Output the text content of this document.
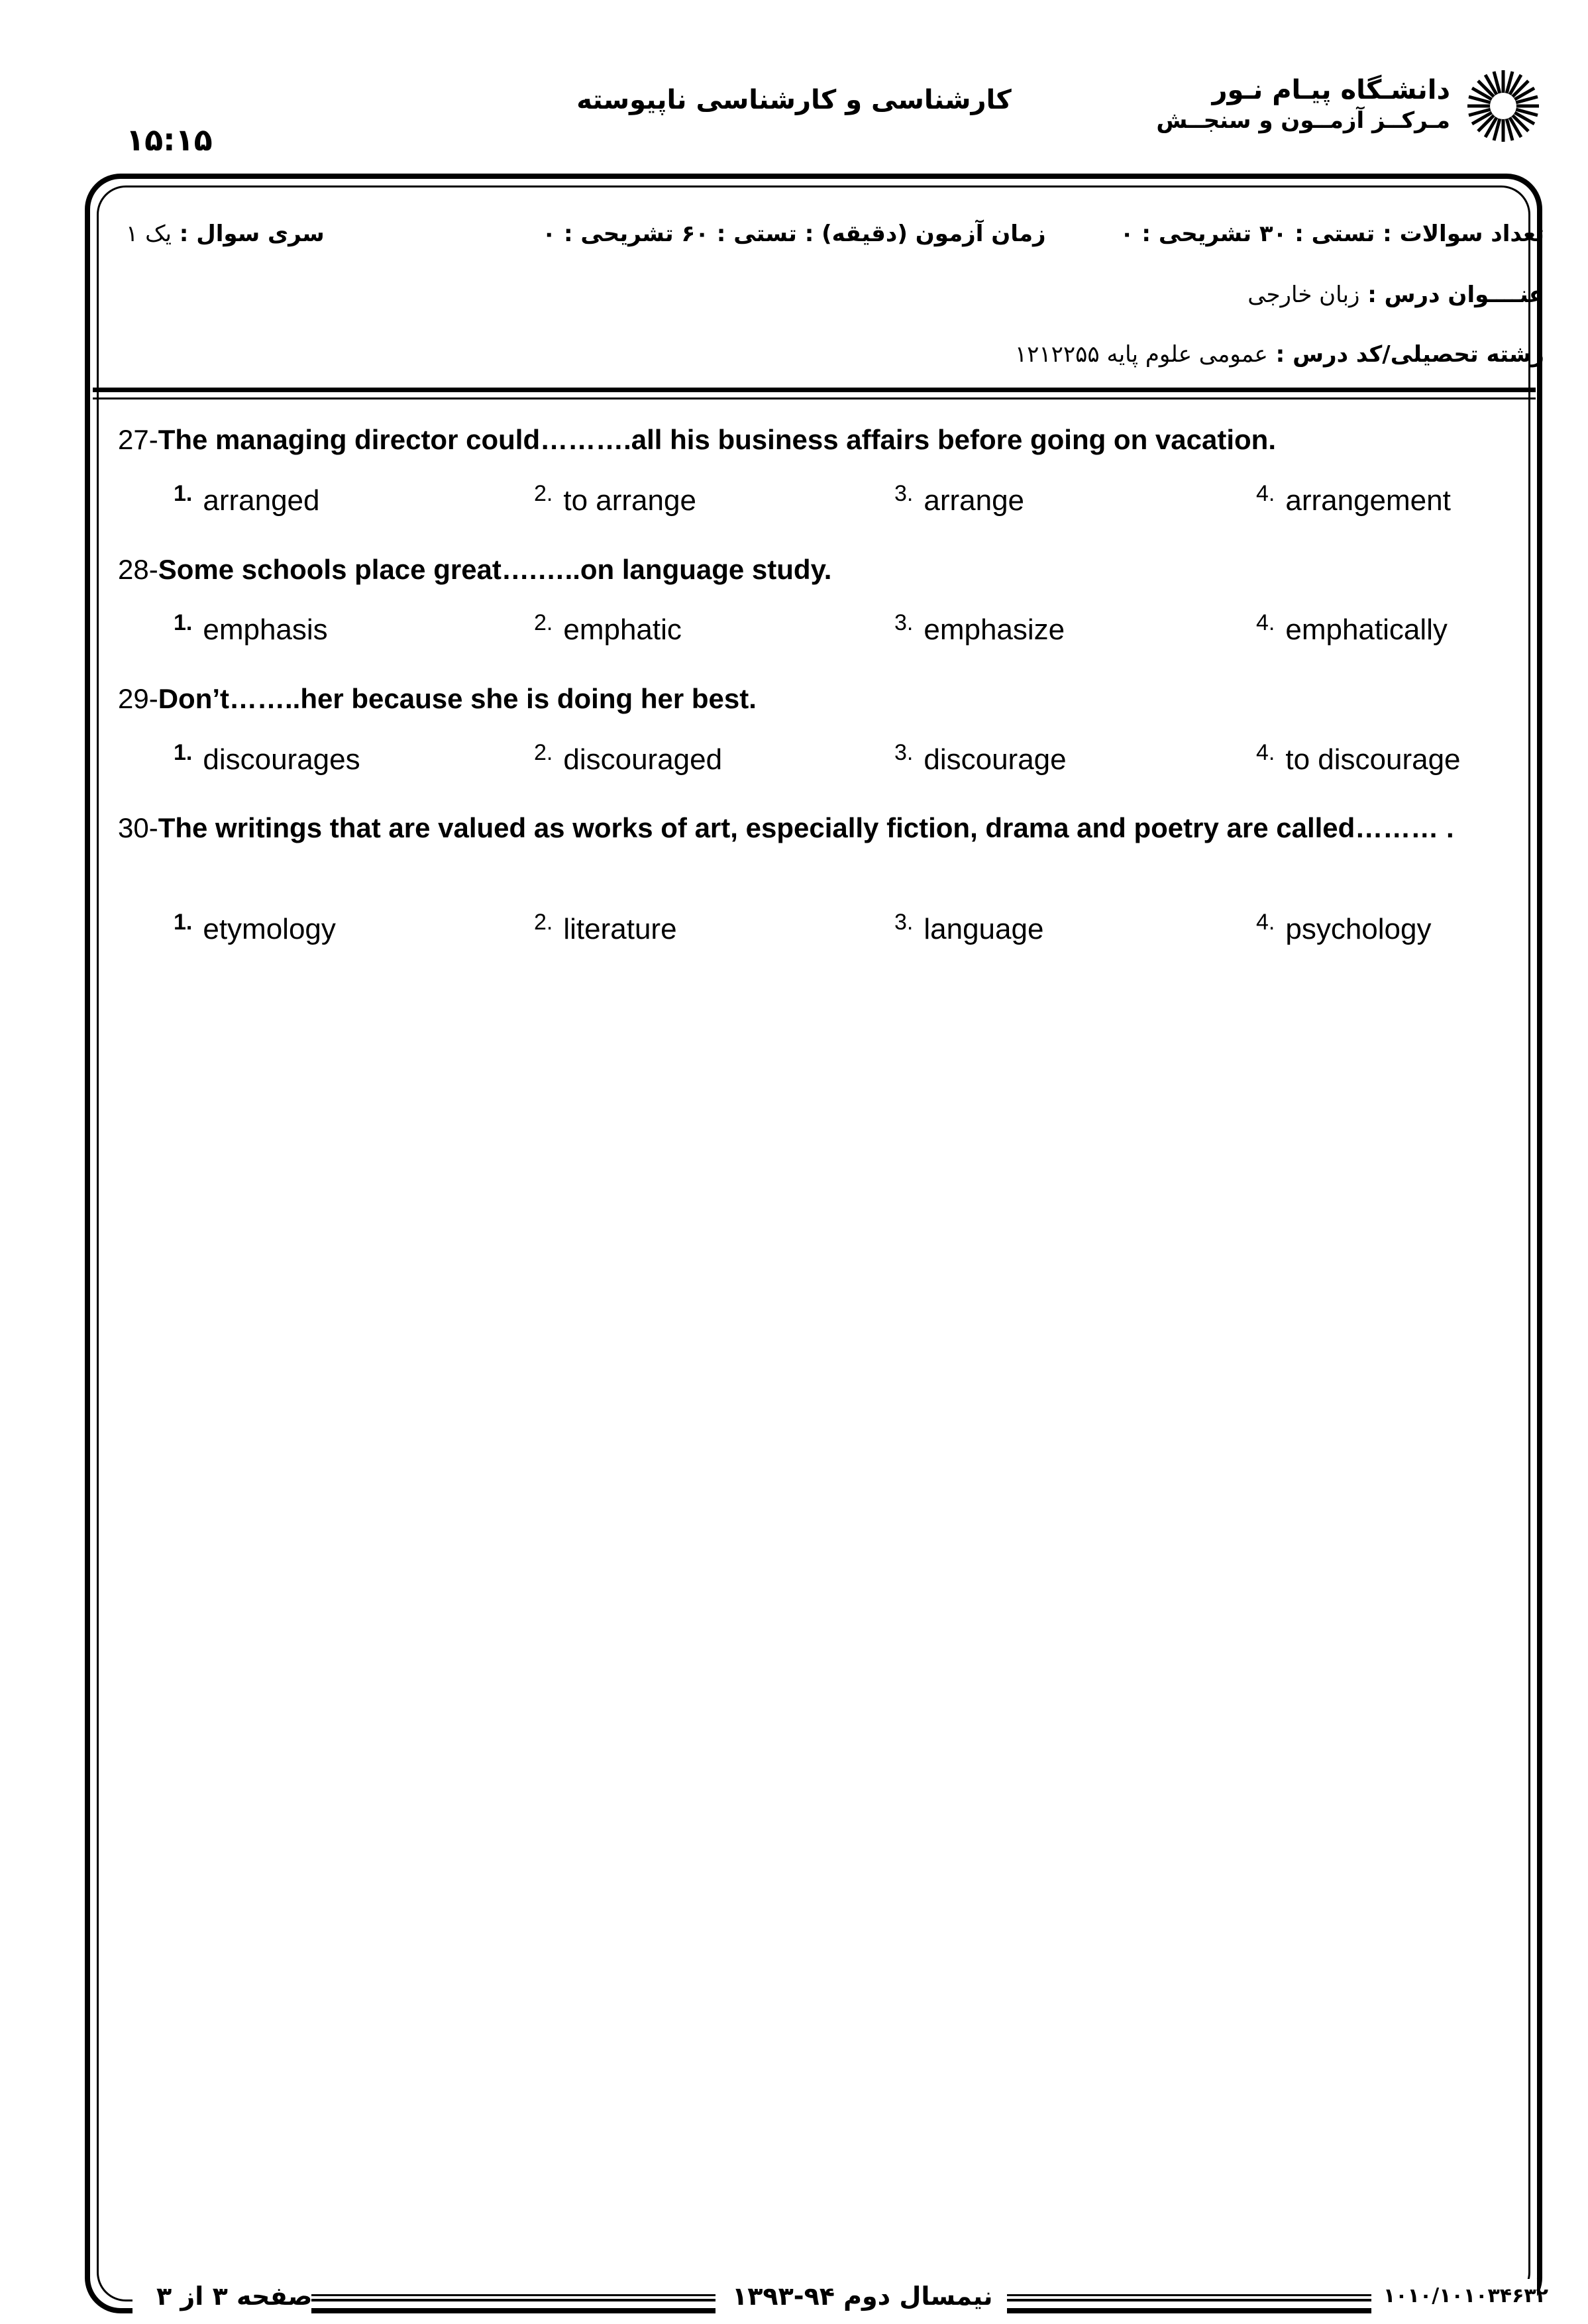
۱۵:۱۵
کارشناسی و کارشناسی ناپیوسته	دانشـگاه پیـام نـور
مـرکــز آزمــون و سنجــش
تعداد سوالات : تستی : ۳۰ تشریحی : ۰
زمان آزمون (دقیقه) : تستی : ۶۰ تشریحی : ۰
سری سوال : یک ۱
عنــــوان درس : زبان خارجی
رشته تحصیلی/کد درس : عمومی علوم پایه ۱۲۱۲۲۵۵
27-The managing director could……….all his business affairs before going on vacation.
$^{1.}$ arranged	$^{2.}$ to arrange	$^{3.}$ arrange	$^{4.}$ arrangement
28-Some schools place great….…..on language study.
$^{1.}$ emphasis	$^{2.}$ emphatic	$^{3.}$ emphasize	$^{4.}$ emphatically
29-Don’t……..her because she is doing her best.
$^{1.}$ discourages	$^{2.}$ discouraged	$^{3.}$ discourage	$^{4.}$ to discourage
30-The writings that are valued as works of art, especially fiction, drama and poetry are called……… .
$^{1.}$ etymology	$^{2.}$ literature	$^{3.}$ language	$^{4.}$ psychology
صفحه ۳ از ۳	نیمسال دوم ۹۴-۱۳۹۳	۱۰۱۰/۱۰۱۰۳۴۶۳۲
